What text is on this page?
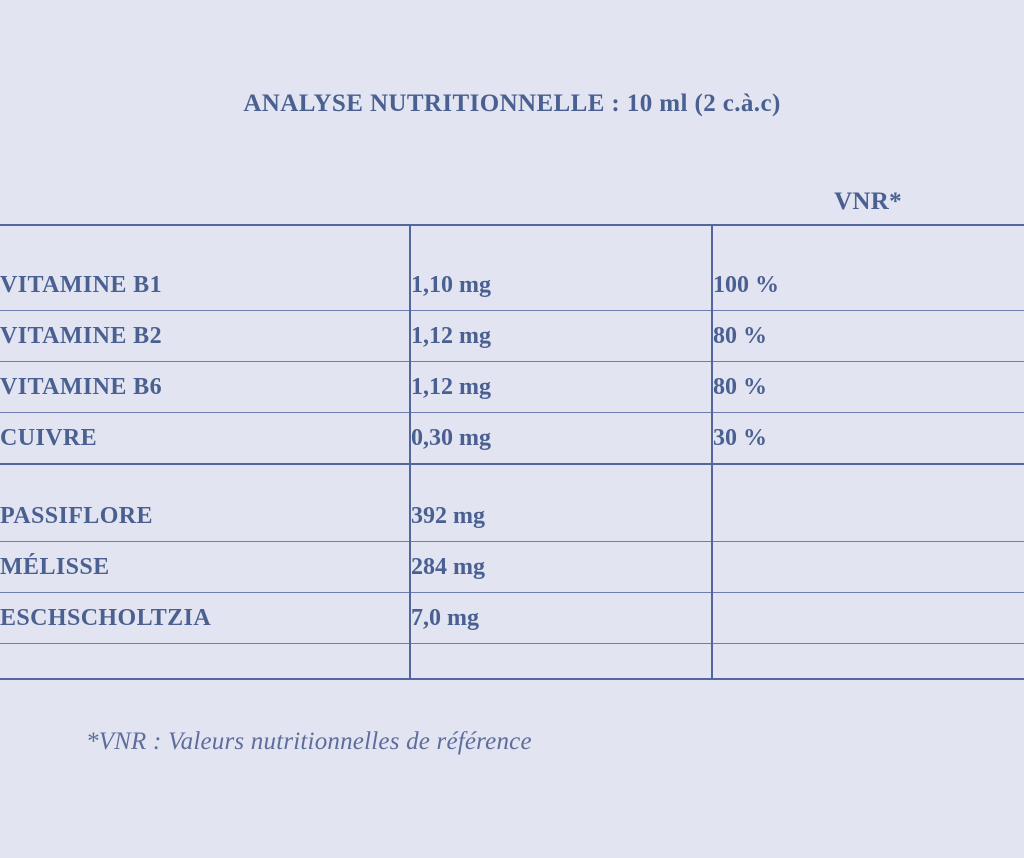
ANALYSE NUTRITIONNELLE : 10 ml (2 c.à.c)
VNR*

VITAMINE B1	1,10 mg	100 %
VITAMINE B2	1,12 mg	80 %
VITAMINE B6	1,12 mg	80 %
CUIVRE	0,30 mg	30 %

PASSIFLORE	392 mg	
MÉLISSE	284 mg	
ESCHSCHOLTZIA	7,0 mg	

*VNR : Valeurs nutritionnelles de référence
